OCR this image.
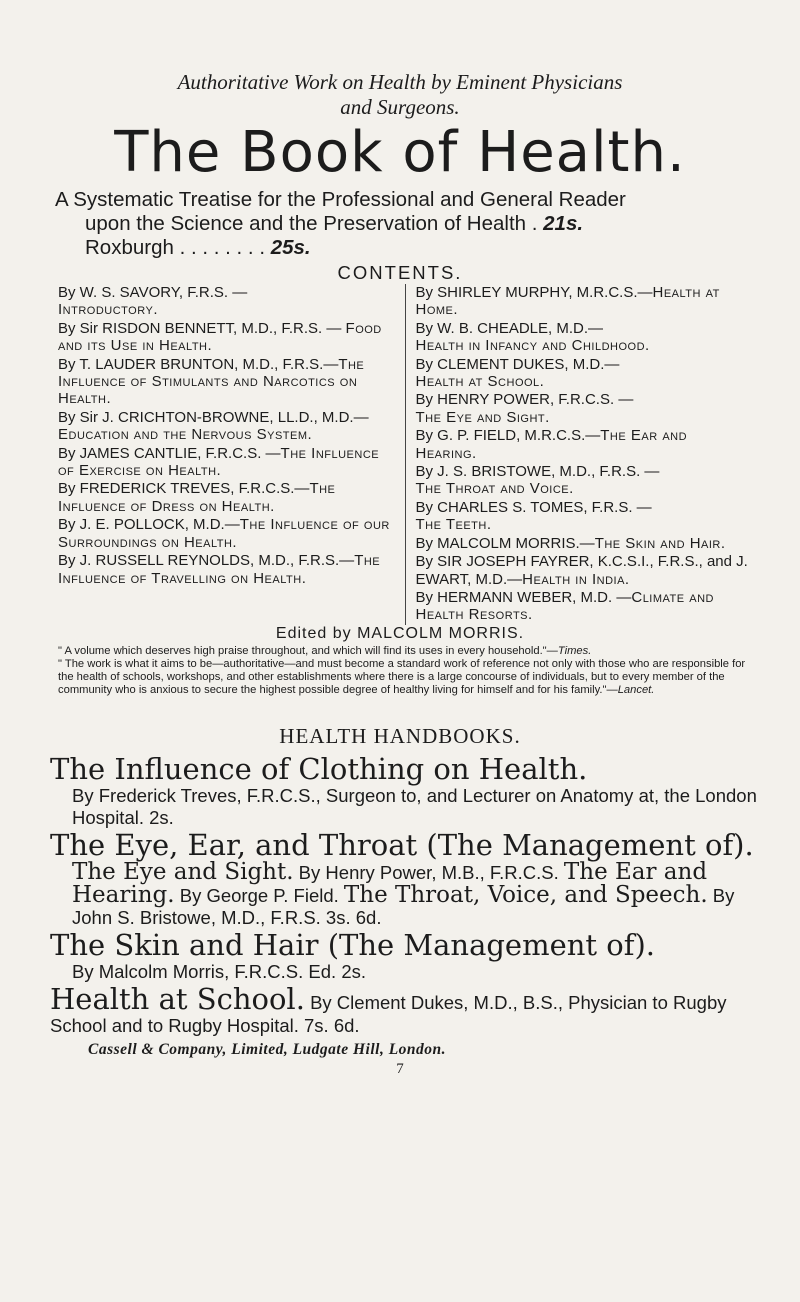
Authoritative Work on Health by Eminent Physicians
and Surgeons.
The Book of Health.
A Systematic Treatise for the Professional and General Reader
upon the Science and the Preservation of Health . 21s.
Roxburgh . . . . . . . . 25s.
CONTENTS.
By W. S. SAVORY, F.R.S. —
Introductory.
By Sir RISDON BENNETT, M.D., F.R.S. — Food and its Use in Health.
By T. LAUDER BRUNTON, M.D., F.R.S.—The Influence of Stimulants and Narcotics on Health.
By Sir J. CRICHTON-BROWNE, LL.D., M.D.—Education and the Nervous System.
By JAMES CANTLIE, F.R.C.S. —The Influence of Exercise on Health.
By FREDERICK TREVES, F.R.C.S.—The Influence of Dress on Health.
By J. E. POLLOCK, M.D.—The Influence of our Surroundings on Health.
By J. RUSSELL REYNOLDS, M.D., F.R.S.—The Influence of Travelling on Health.
By SHIRLEY MURPHY, M.R.C.S.—Health at Home.
By W. B. CHEADLE, M.D.—
Health in Infancy and Childhood.
By CLEMENT DUKES, M.D.—
Health at School.
By HENRY POWER, F.R.C.S. —
The Eye and Sight.
By G. P. FIELD, M.R.C.S.—The Ear and Hearing.
By J. S. BRISTOWE, M.D., F.R.S. —
The Throat and Voice.
By CHARLES S. TOMES, F.R.S. —
The Teeth.
By MALCOLM MORRIS.—The Skin and Hair.
By SIR JOSEPH FAYRER, K.C.S.I., F.R.S., and J. EWART, M.D.—Health in India.
By HERMANN WEBER, M.D. —Climate and Health Resorts.
Edited by MALCOLM MORRIS.

" A volume which deserves high praise throughout, and which will find its uses in every household."—Times.

" The work is what it aims to be—authoritative—and must become a standard work of reference not only with those who are responsible for the health of schools, workshops, and other establishments where there is a large concourse of individuals, but to every member of the community who is anxious to secure the highest possible degree of healthy living for himself and for his family."—Lancet.

HEALTH HANDBOOKS.
The Influence of Clothing on Health.
By Frederick Treves, F.R.C.S., Surgeon to, and Lecturer on Anatomy at, the London Hospital. 2s.
The Eye, Ear, and Throat (The Management of).
The Eye and Sight. By Henry Power, M.B., F.R.C.S. The Ear and Hearing. By George P. Field. The Throat, Voice, and Speech. By John S. Bristowe, M.D., F.R.S. 3s. 6d.
The Skin and Hair (The Management of).
By Malcolm Morris, F.R.C.S. Ed. 2s.
Health at School. By Clement Dukes, M.D., B.S., Physician to Rugby School and to Rugby Hospital. 7s. 6d.
Cassell & Company, Limited, Ludgate Hill, London.
7
